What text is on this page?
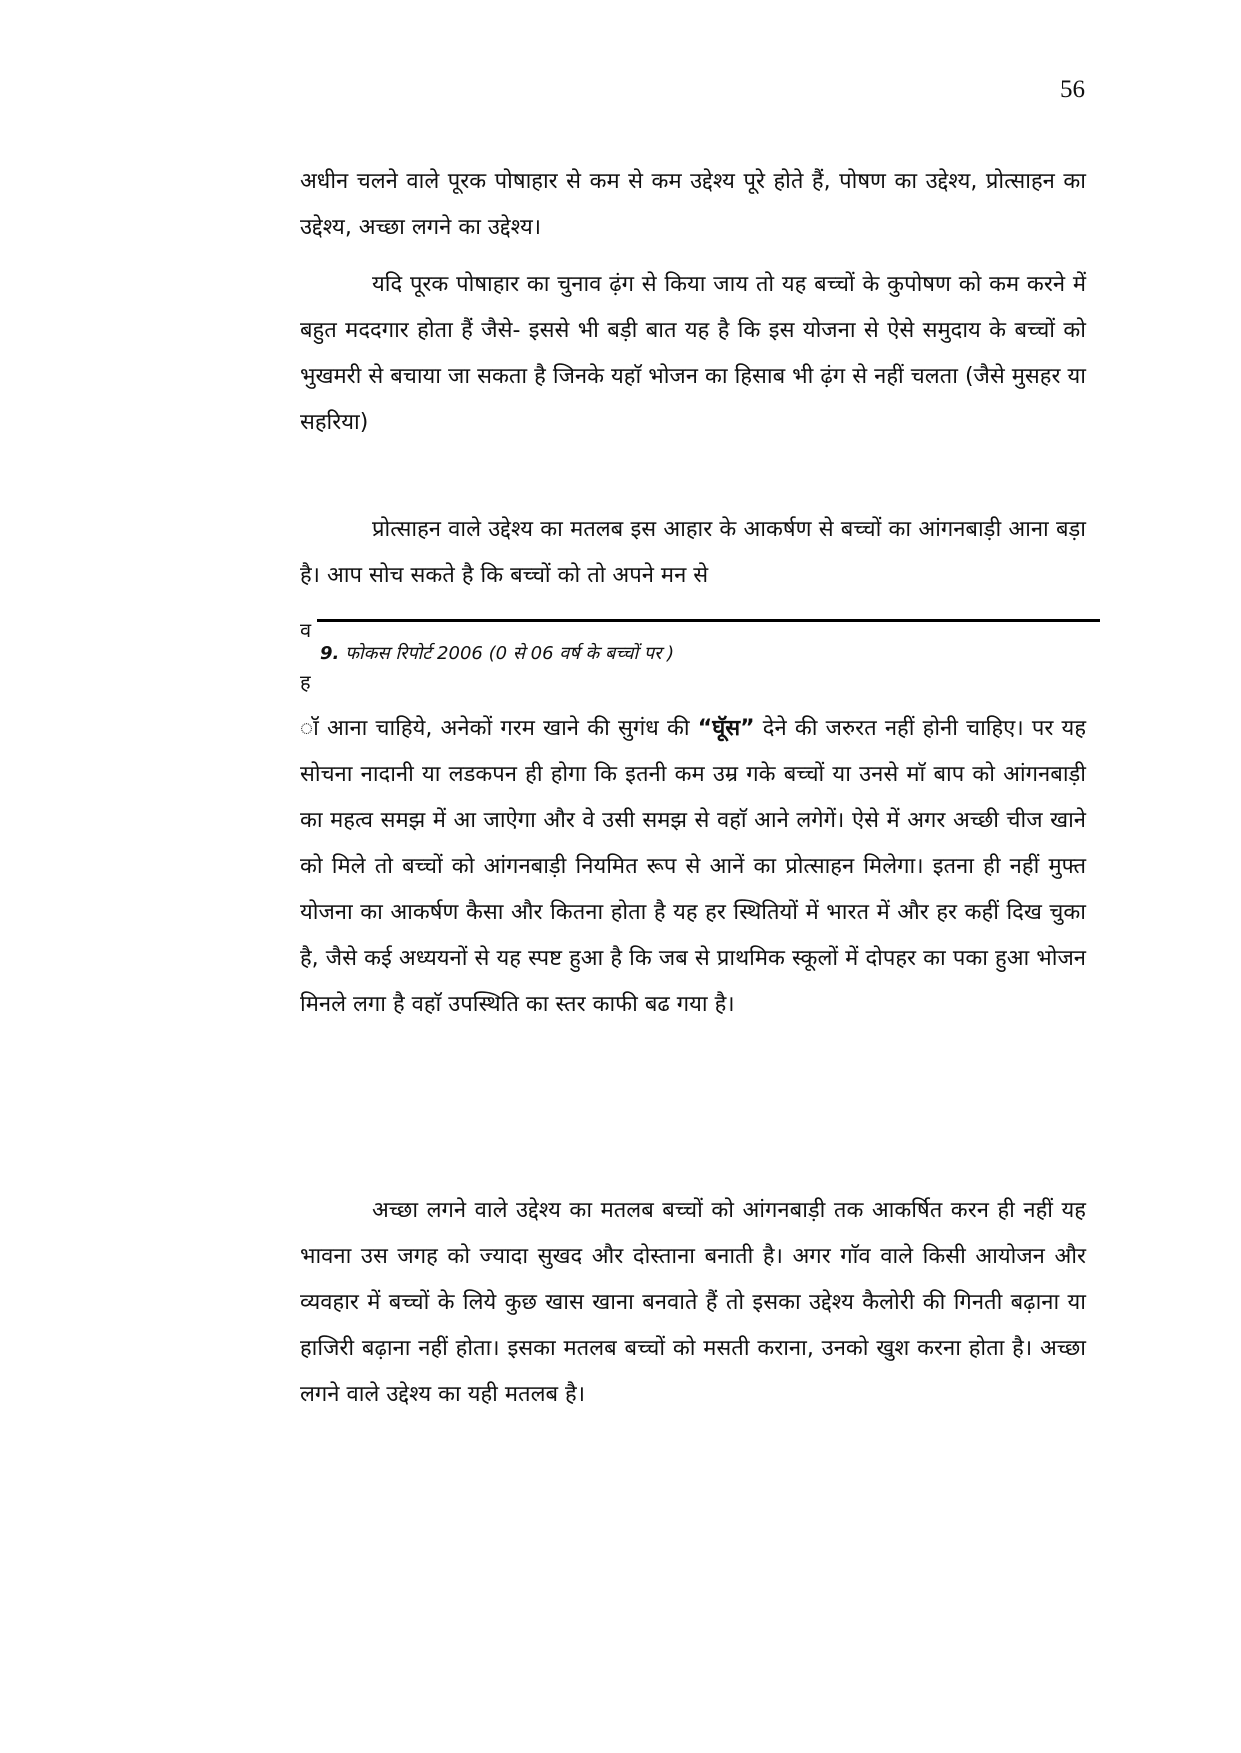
56

अधीन चलने वाले पूरक पोषाहार से कम से कम उद्देश्य पूरे होते हैं, पोषण का उद्देश्य, प्रोत्साहन का उद्देश्य, अच्छा लगने का उद्देश्य।

यदि पूरक पोषाहार का चुनाव ढ़ंग से किया जाय तो यह बच्चों के कुपोषण को कम करने में बहुत मददगार होता हैं जैसे- इससे भी बड़ी बात यह है कि इस योजना से ऐसे समुदाय के बच्चों को भुखमरी से बचाया जा सकता है जिनके यहाॅ भोजन का हिसाब भी ढ़ंग से नहीं चलता (जैसे मुसहर या सहरिया)

प्रोत्साहन वाले उद्देश्य का मतलब इस आहार के आकर्षण से बच्चों का आंगनबाड़ी आना बड़ा है। आप सोच सकते है कि बच्चों को तो अपने मन से

व
9. फोकस रिपोर्ट 2006 (0 से 06 वर्ष के बच्चों पर )
ह

ॉ आना चाहिये, अनेकों गरम खाने की सुगंध की “घूॅस” देने की जरुरत नहीं होनी चाहिए। पर यह सोचना नादानी या लडकपन ही होगा कि इतनी कम उम्र गके बच्चों या उनसे माॅ बाप को आंगनबाड़ी का महत्व समझ में आ जाऐगा और वे उसी समझ से वहाॅ आने लगेगें। ऐसे में अगर अच्छी चीज खाने को मिले तो बच्चों को आंगनबाड़ी नियमित रूप से आनें का प्रोत्साहन मिलेगा। इतना ही नहीं मुफ्त योजना का आकर्षण कैसा और कितना होता है यह हर स्थितियों में भारत में और हर कहीं दिख चुका है, जैसे कई अध्ययनों से यह स्पष्ट हुआ है कि जब से प्राथमिक स्कूलों में दोपहर का पका हुआ भोजन मिनले लगा है वहाॅ उपस्थिति का स्तर काफी बढ गया है।

अच्छा लगने वाले उद्देश्य का मतलब बच्चों को आंगनबाड़ी तक आकर्षित करन ही नहीं यह भावना उस जगह को ज्यादा सुखद और दोस्ताना बनाती है। अगर गाॅव वाले किसी आयोजन और व्यवहार में बच्चों के लिये कुछ खास खाना बनवाते हैं तो इसका उद्देश्य कैलोरी की गिनती बढ़ाना या हाजिरी बढ़ाना नहीं होता। इसका मतलब बच्चों को मसती कराना, उनको खुश करना होता है। अच्छा लगने वाले उद्देश्य का यही मतलब है।
